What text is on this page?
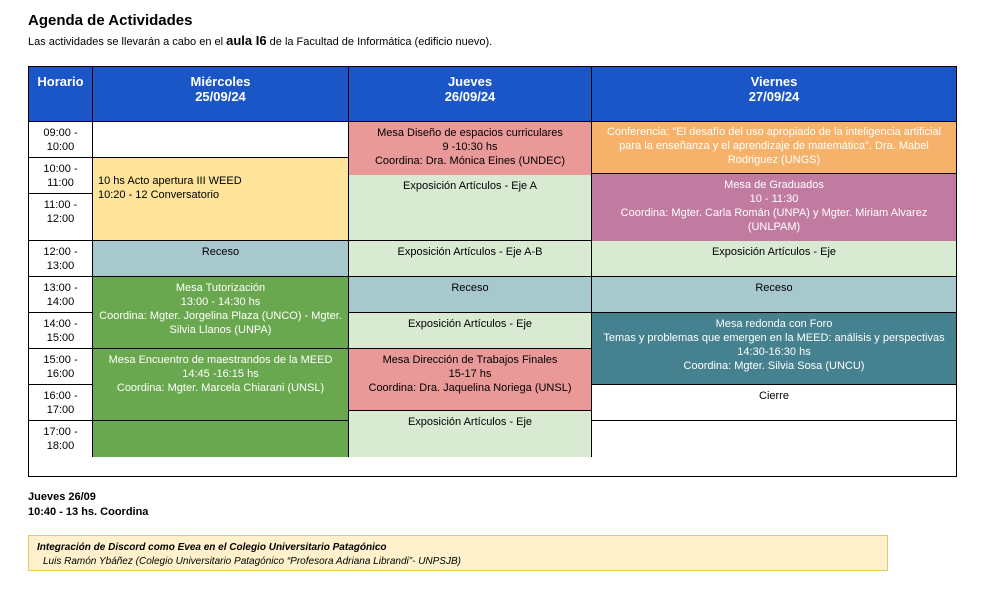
Agenda de Actividades
Las actividades se llevarán a cabo en el aula I6 de la Facultad de Informática (edificio nuevo).
Horario	Miércoles
25/09/24
Jueves
26/09/24
Viernes
27/09/24
09:00 -
10:00
10:00 -
11:00
11:00 -
12:00
12:00 -
13:00
13:00 -
14:00
14:00 -
15:00
15:00 -
16:00
16:00 -
17:00
17:00 -
18:00
10 hs Acto apertura III WEED
10:20 - 12 Conversatorio
Receso
Mesa Tutorización
13:00 - 14:30 hs
Coordina: Mgter. Jorgelina Plaza (UNCO) - Mgter. Silvia Llanos (UNPA)
Mesa Encuentro de maestrandos de la MEED
14:45 -16:15 hs
Coordina: Mgter. Marcela Chiarani (UNSL)
Mesa Diseño de espacios curriculares
9 -10:30 hs
Coordina: Dra. Mónica Eines (UNDEC)
Exposición Artículos - Eje A
Exposición Artículos - Eje A-B
Receso
Exposición Artículos - Eje
Mesa Dirección de Trabajos Finales
15-17 hs
Coordina: Dra. Jaquelina Noriega (UNSL)
Exposición Artículos - Eje
Conferencia: "El desafío del uso apropiado de la inteligencia artificial para la enseñanza y el aprendizaje de matemática". Dra. Mabel Rodriguez (UNGS)
Mesa de Graduados
10 - 11:30
Coordina: Mgter. Carla Román (UNPA) y Mgter. Miriam Alvarez (UNLPAM)
Exposición Artículos - Eje
Receso
Mesa redonda con Foro
Temas y problemas que emergen en la MEED: análisis y perspectivas
14:30-16:30 hs
Coordina: Mgter. Silvia Sosa (UNCU)
Cierre
Jueves 26/09
10:40 - 13 hs. Coordina
Integración de Discord como Evea en el Colegio Universitario Patagónico
Luis Ramón Ybáñez (Colegio Universitario Patagónico “Profesora Adriana Librandi”- UNPSJB)
